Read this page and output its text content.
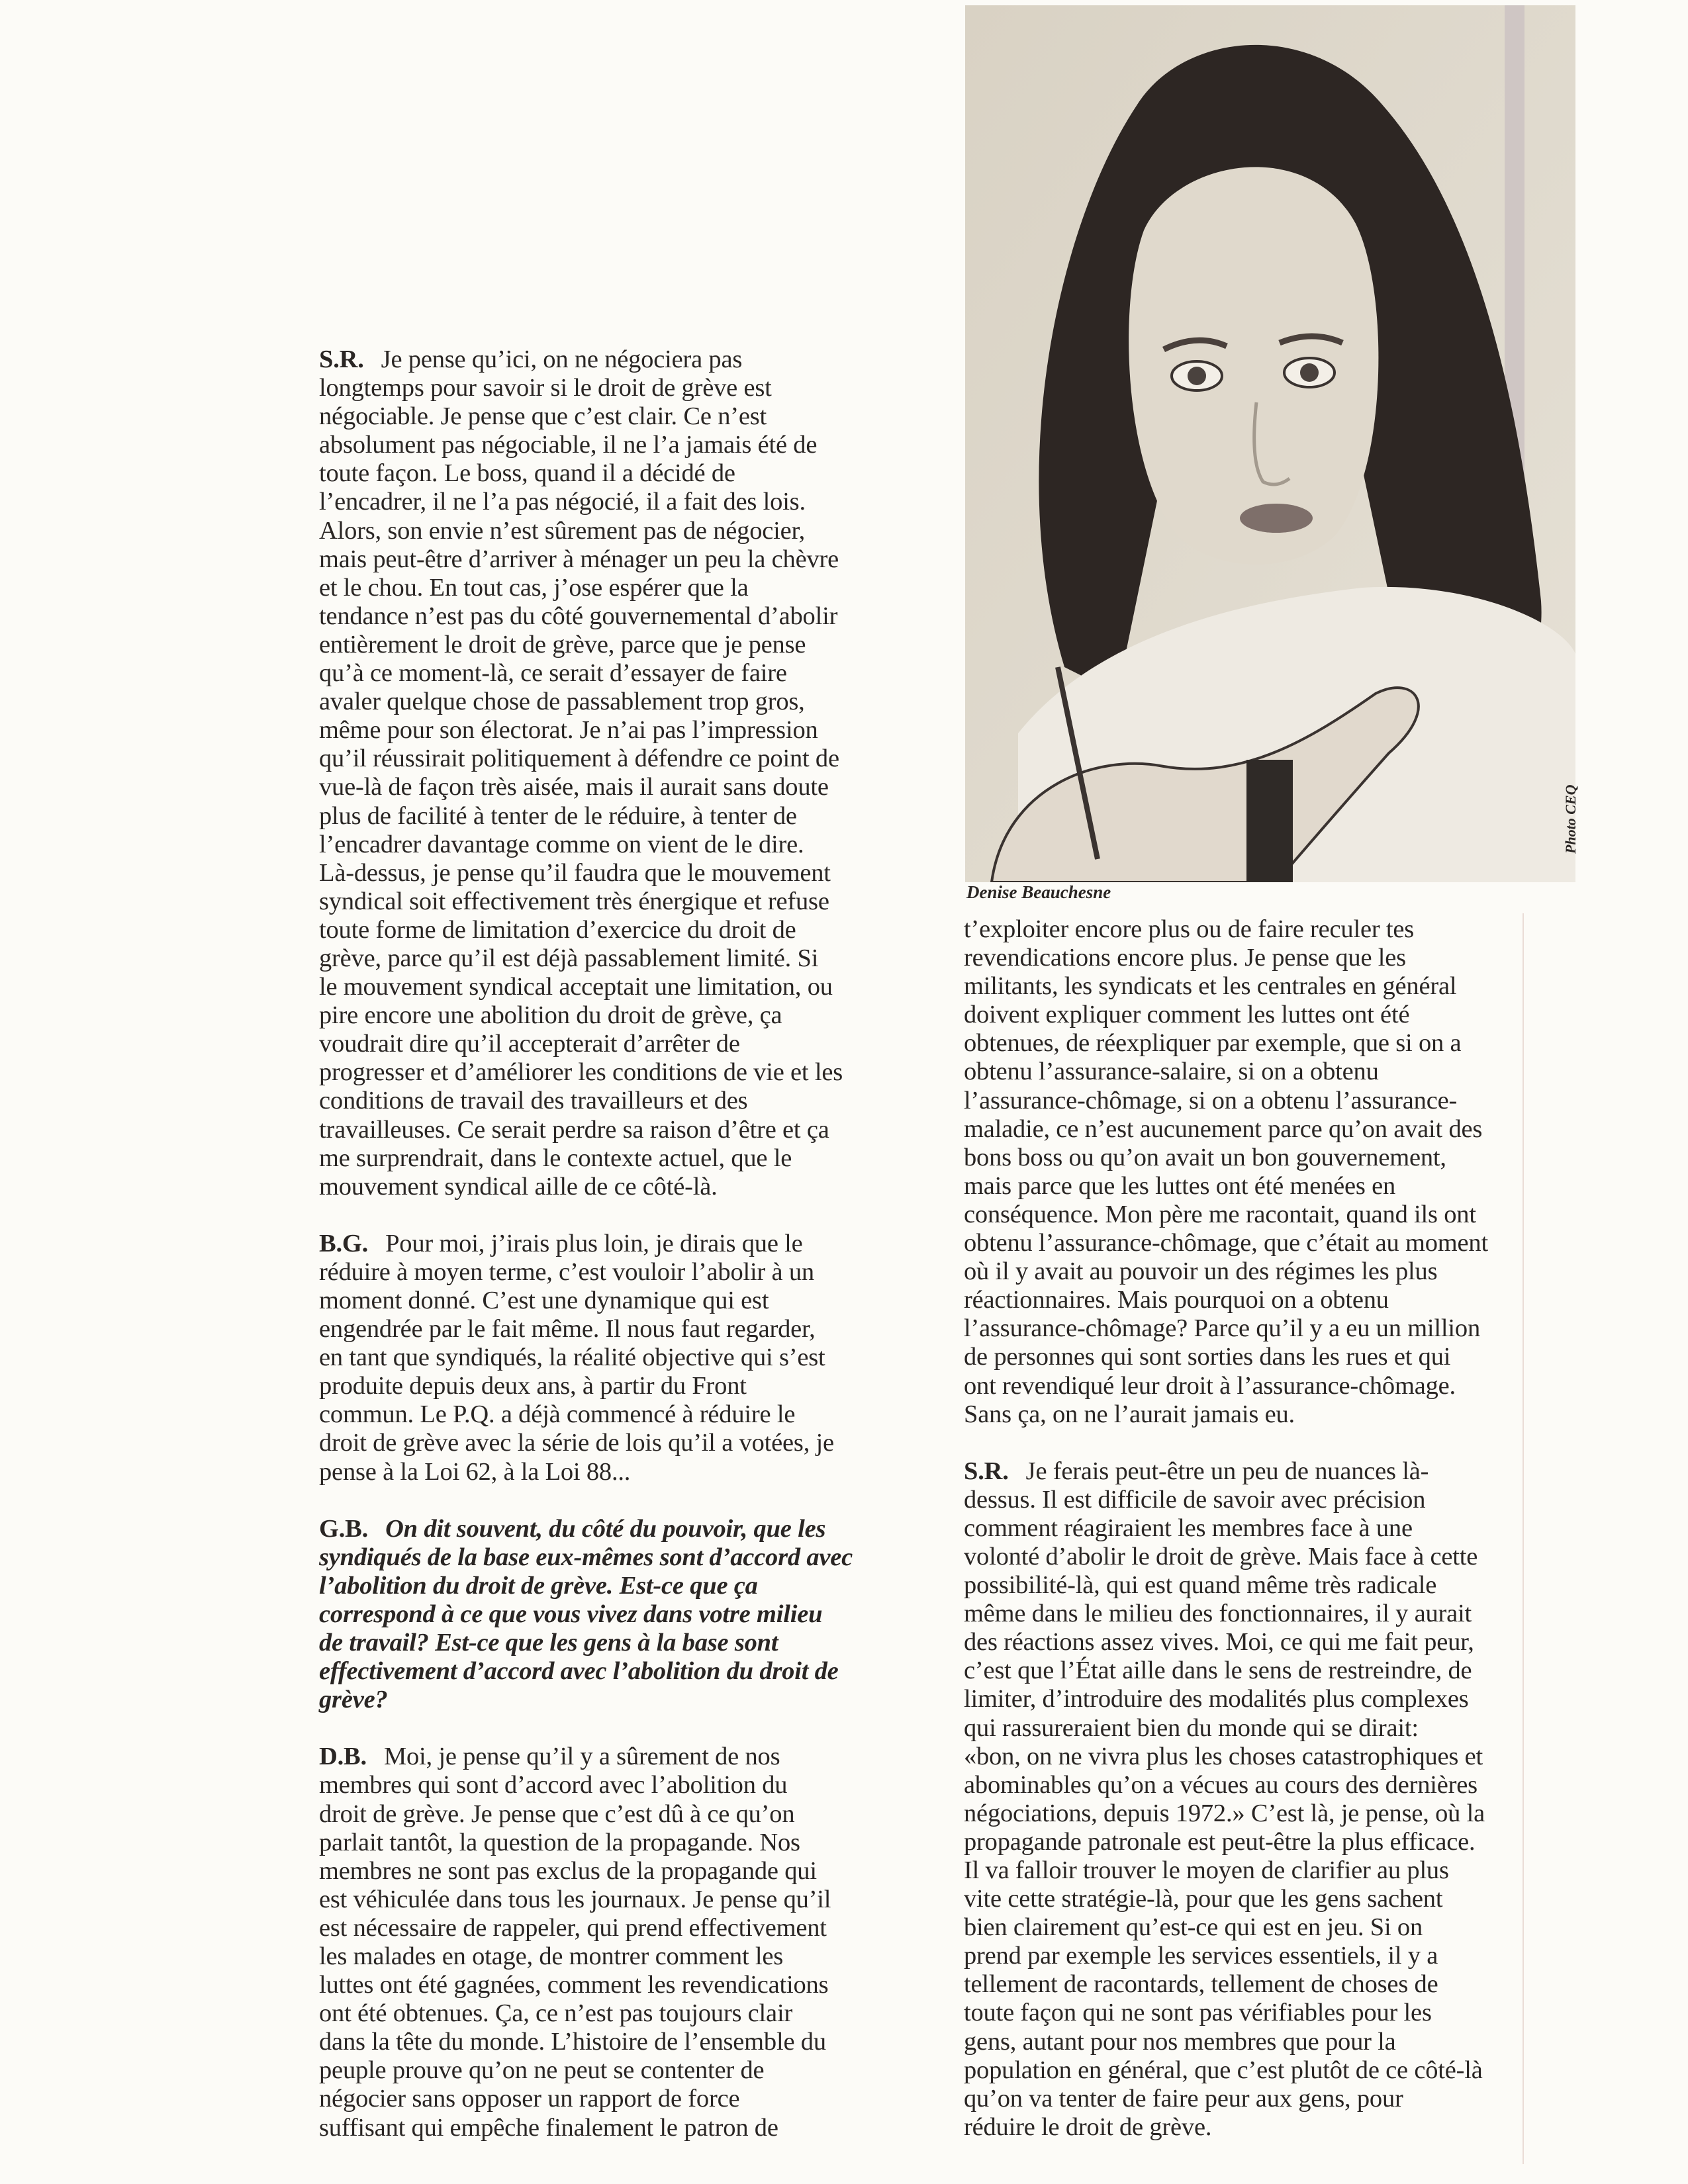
Denise Beauchesne
Photo CEQ

S.R. Je pense qu’ici, on ne négociera pas
longtemps pour savoir si le droit de grève est
négociable. Je pense que c’est clair. Ce n’est
absolument pas négociable, il ne l’a jamais été de
toute façon. Le boss, quand il a décidé de
l’encadrer, il ne l’a pas négocié, il a fait des lois.
Alors, son envie n’est sûrement pas de négocier,
mais peut-être d’arriver à ménager un peu la chèvre
et le chou. En tout cas, j’ose espérer que la
tendance n’est pas du côté gouvernemental d’abolir
entièrement le droit de grève, parce que je pense
qu’à ce moment-là, ce serait d’essayer de faire
avaler quelque chose de passablement trop gros,
même pour son électorat. Je n’ai pas l’impression
qu’il réussirait politiquement à défendre ce point de
vue-là de façon très aisée, mais il aurait sans doute
plus de facilité à tenter de le réduire, à tenter de
l’encadrer davantage comme on vient de le dire.
Là-dessus, je pense qu’il faudra que le mouvement
syndical soit effectivement très énergique et refuse
toute forme de limitation d’exercice du droit de
grève, parce qu’il est déjà passablement limité. Si
le mouvement syndical acceptait une limitation, ou
pire encore une abolition du droit de grève, ça
voudrait dire qu’il accepterait d’arrêter de
progresser et d’améliorer les conditions de vie et les
conditions de travail des travailleurs et des
travailleuses. Ce serait perdre sa raison d’être et ça
me surprendrait, dans le contexte actuel, que le
mouvement syndical aille de ce côté-là.

B.G. Pour moi, j’irais plus loin, je dirais que le
réduire à moyen terme, c’est vouloir l’abolir à un
moment donné. C’est une dynamique qui est
engendrée par le fait même. Il nous faut regarder,
en tant que syndiqués, la réalité objective qui s’est
produite depuis deux ans, à partir du Front
commun. Le P.Q. a déjà commencé à réduire le
droit de grève avec la série de lois qu’il a votées, je
pense à la Loi 62, à la Loi 88...

G.B. On dit souvent, du côté du pouvoir, que les
syndiqués de la base eux-mêmes sont d’accord avec
l’abolition du droit de grève. Est-ce que ça
correspond à ce que vous vivez dans votre milieu
de travail? Est-ce que les gens à la base sont
effectivement d’accord avec l’abolition du droit de
grève?

D.B. Moi, je pense qu’il y a sûrement de nos
membres qui sont d’accord avec l’abolition du
droit de grève. Je pense que c’est dû à ce qu’on
parlait tantôt, la question de la propagande. Nos
membres ne sont pas exclus de la propagande qui
est véhiculée dans tous les journaux. Je pense qu’il
est nécessaire de rappeler, qui prend effectivement
les malades en otage, de montrer comment les
luttes ont été gagnées, comment les revendications
ont été obtenues. Ça, ce n’est pas toujours clair
dans la tête du monde. L’histoire de l’ensemble du
peuple prouve qu’on ne peut se contenter de
négocier sans opposer un rapport de force
suffisant qui empêche finalement le patron de

t’exploiter encore plus ou de faire reculer tes
revendications encore plus. Je pense que les
militants, les syndicats et les centrales en général
doivent expliquer comment les luttes ont été
obtenues, de réexpliquer par exemple, que si on a
obtenu l’assurance-salaire, si on a obtenu
l’assurance-chômage, si on a obtenu l’assurance-
maladie, ce n’est aucunement parce qu’on avait des
bons boss ou qu’on avait un bon gouvernement,
mais parce que les luttes ont été menées en
conséquence. Mon père me racontait, quand ils ont
obtenu l’assurance-chômage, que c’était au moment
où il y avait au pouvoir un des régimes les plus
réactionnaires. Mais pourquoi on a obtenu
l’assurance-chômage? Parce qu’il y a eu un million
de personnes qui sont sorties dans les rues et qui
ont revendiqué leur droit à l’assurance-chômage.
Sans ça, on ne l’aurait jamais eu.

S.R. Je ferais peut-être un peu de nuances là-
dessus. Il est difficile de savoir avec précision
comment réagiraient les membres face à une
volonté d’abolir le droit de grève. Mais face à cette
possibilité-là, qui est quand même très radicale
même dans le milieu des fonctionnaires, il y aurait
des réactions assez vives. Moi, ce qui me fait peur,
c’est que l’État aille dans le sens de restreindre, de
limiter, d’introduire des modalités plus complexes
qui rassureraient bien du monde qui se dirait:
«bon, on ne vivra plus les choses catastrophiques et
abominables qu’on a vécues au cours des dernières
négociations, depuis 1972.» C’est là, je pense, où la
propagande patronale est peut-être la plus efficace.
Il va falloir trouver le moyen de clarifier au plus
vite cette stratégie-là, pour que les gens sachent
bien clairement qu’est-ce qui est en jeu. Si on
prend par exemple les services essentiels, il y a
tellement de racontards, tellement de choses de
toute façon qui ne sont pas vérifiables pour les
gens, autant pour nos membres que pour la
population en général, que c’est plutôt de ce côté-là
qu’on va tenter de faire peur aux gens, pour
réduire le droit de grève.
